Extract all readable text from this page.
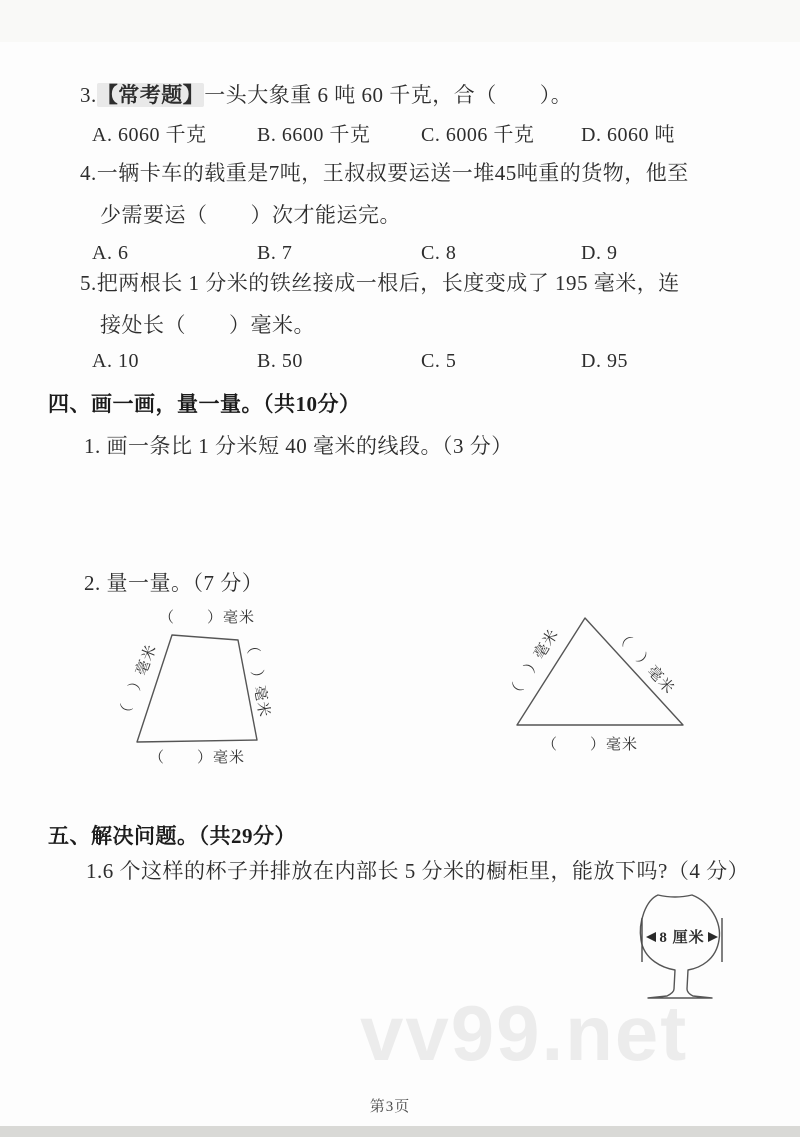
vv99.net
3.【常考题】一头大象重 6 吨 60 千克，合（　　）。
A. 6060 千克	B. 6600 千克	C. 6006 千克 D. 6060 吨
4.一辆卡车的载重是7吨，王叔叔要运送一堆45吨重的货物，他至
少需要运（　　）次才能运完。
A. 6	B. 7	C. 8	D. 9
5.把两根长 1 分米的铁丝接成一根后，长度变成了 195 毫米，连
接处长（　　）毫米。
A. 10	B. 50	C. 5	D. 95
四、画一画，量一量。（共10分）
1. 画一条比 1 分米短 40 毫米的线段。（3 分）
2. 量一量。（7 分）
（　　）毫米
（　）毫米	（　）毫米
（　　）毫米
（　）毫米	（　）毫米
（　　）毫米
五、解决问题。（共29分）
1.6 个这样的杯子并排放在内部长 5 分米的橱柜里，能放下吗?（4 分）
8 厘米
第3页
